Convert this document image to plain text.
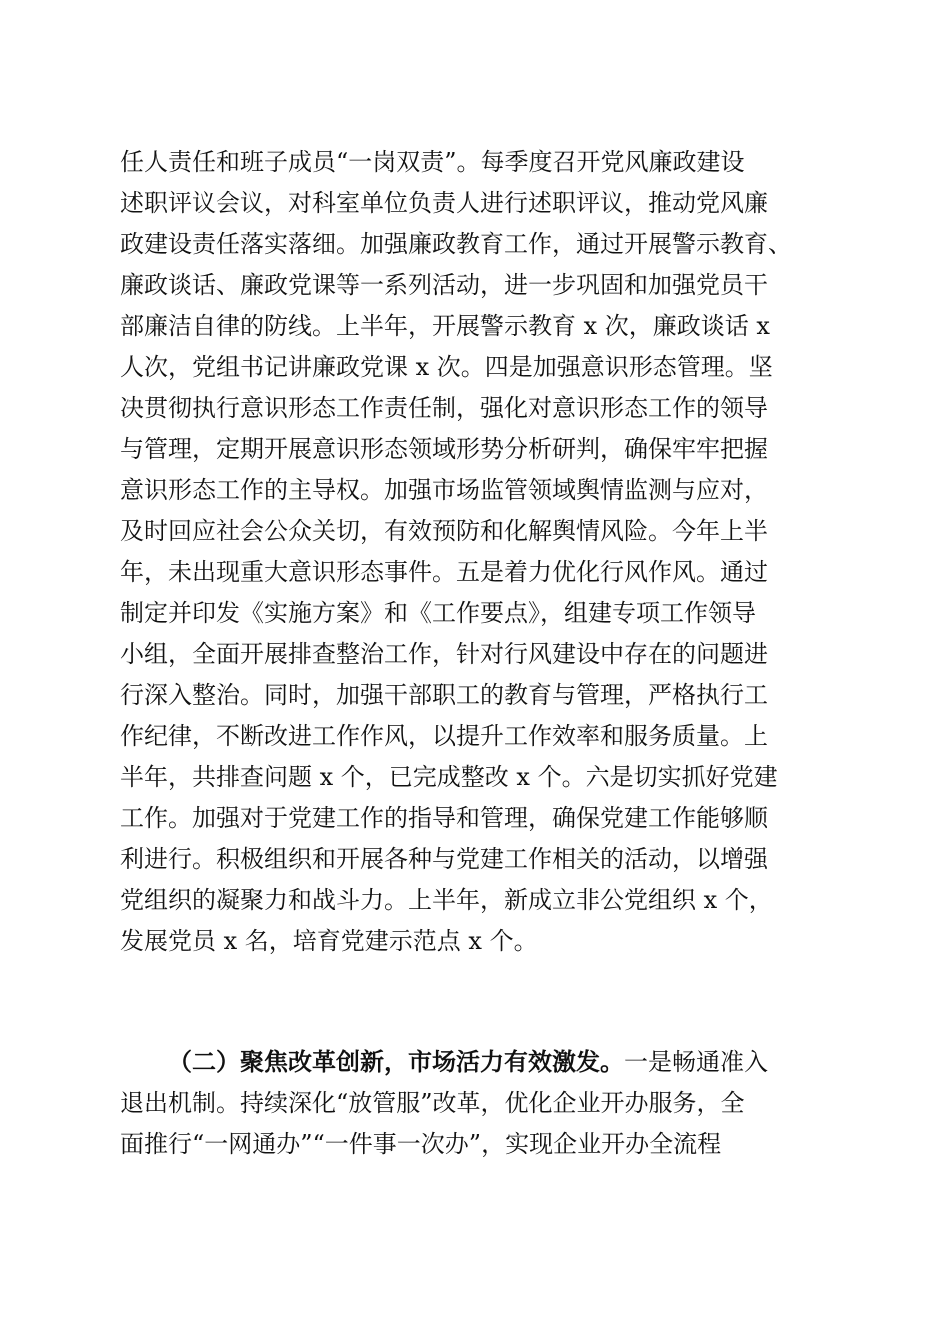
任人责任和班子成员“一岗双责”。每季度召开党风廉政建设
述职评议会议，对科室单位负责人进行述职评议，推动党风廉
政建设责任落实落细。加强廉政教育工作，通过开展警示教育、
廉政谈话、廉政党课等一系列活动，进一步巩固和加强党员干
部廉洁自律的防线。上半年，开展警示教育 x 次，廉政谈话 x
人次，党组书记讲廉政党课 x 次。四是加强意识形态管理。坚
决贯彻执行意识形态工作责任制，强化对意识形态工作的领导
与管理，定期开展意识形态领域形势分析研判，确保牢牢把握
意识形态工作的主导权。加强市场监管领域舆情监测与应对，
及时回应社会公众关切，有效预防和化解舆情风险。今年上半
年，未出现重大意识形态事件。五是着力优化行风作风。通过
制定并印发《实施方案》和《工作要点》，组建专项工作领导
小组，全面开展排查整治工作，针对行风建设中存在的问题进
行深入整治。同时，加强干部职工的教育与管理，严格执行工
作纪律，不断改进工作作风，以提升工作效率和服务质量。上
半年，共排查问题 x 个，已完成整改 x 个。六是切实抓好党建
工作。加强对于党建工作的指导和管理，确保党建工作能够顺
利进行。积极组织和开展各种与党建工作相关的活动，以增强
党组织的凝聚力和战斗力。上半年，新成立非公党组织 x 个，
发展党员 x 名，培育党建示范点 x 个。
（二）聚焦改革创新，市场活力有效激发。一是畅通准入
退出机制。持续深化“放管服”改革，优化企业开办服务，全
面推行“一网通办”“一件事一次办”，实现企业开办全流程
